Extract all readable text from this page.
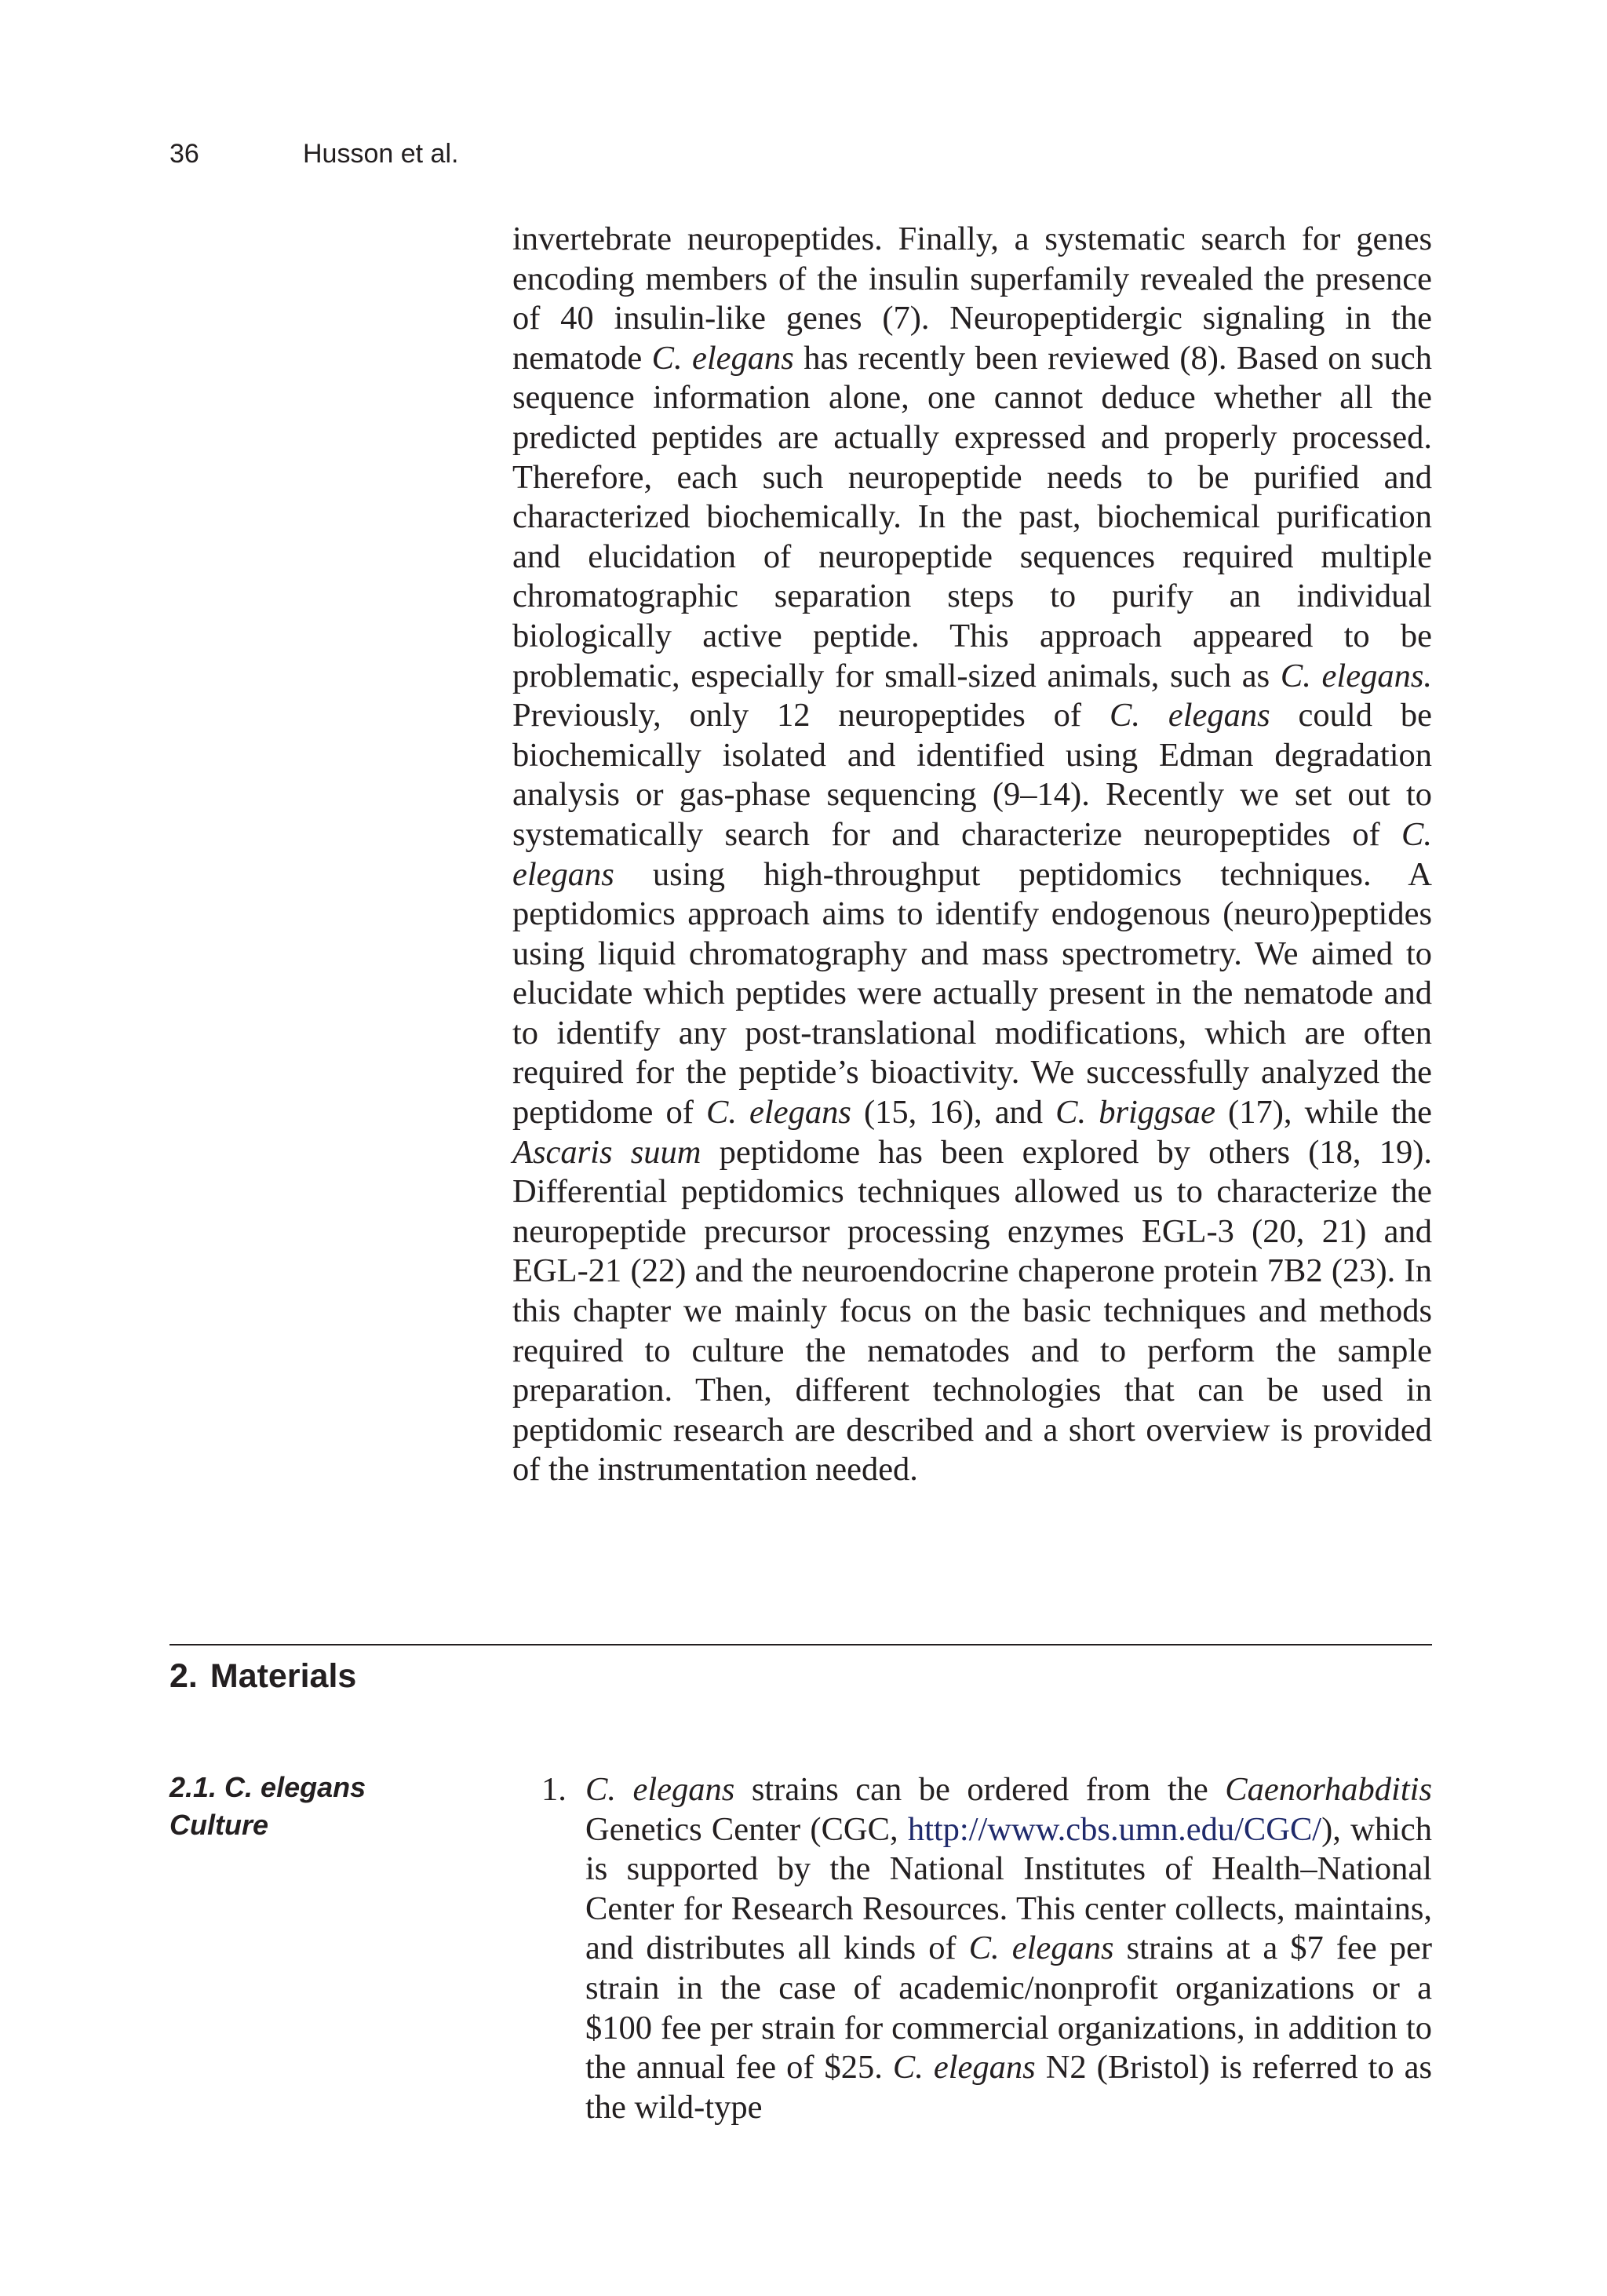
36	Husson et al.

invertebrate neuropeptides. Finally, a systematic search for genes encoding members of the insulin superfamily revealed the presence of 40 insulin-like genes (7). Neuropeptidergic signaling in the nematode C. elegans has recently been reviewed (8). Based on such sequence information alone, one cannot deduce whether all the predicted peptides are actually expressed and properly processed. Therefore, each such neuropeptide needs to be purified and characterized biochemically. In the past, biochemical purification and elucidation of neuropeptide sequences required multiple chromatographic separation steps to purify an individual biologically active peptide. This approach appeared to be problematic, especially for small-sized animals, such as C. elegans. Previously, only 12 neuropeptides of C. elegans could be biochemically isolated and identified using Edman degradation analysis or gas-phase sequencing (9–14). Recently we set out to systematically search for and characterize neuropeptides of C. elegans using high-throughput peptidomics techniques. A peptidomics approach aims to identify endogenous (neuro)peptides using liquid chromatography and mass spectrometry. We aimed to elucidate which peptides were actually present in the nematode and to identify any post-translational modifications, which are often required for the peptide’s bioactivity. We successfully analyzed the peptidome of C. elegans (15, 16), and C. briggsae (17), while the Ascaris suum peptidome has been explored by others (18, 19). Differential peptidomics techniques allowed us to characterize the neuropeptide precursor processing enzymes EGL-3 (20, 21) and EGL-21 (22) and the neuroendocrine chaperone protein 7B2 (23). In this chapter we mainly focus on the basic techniques and methods required to culture the nematodes and to perform the sample preparation. Then, different technologies that can be used in peptidomic research are described and a short overview is provided of the instrumentation needed.

2. Materials
2.1. C. elegans Culture
1. C. elegans strains can be ordered from the Caenorhabditis Genetics Center (CGC, http://www.cbs.umn.edu/CGC/), which is supported by the National Institutes of Health–National Center for Research Resources. This center collects, maintains, and distributes all kinds of C. elegans strains at a $7 fee per strain in the case of academic/nonprofit organizations or a $100 fee per strain for commercial organizations, in addition to the annual fee of $25. C. elegans N2 (Bristol) is referred to as the wild-type
